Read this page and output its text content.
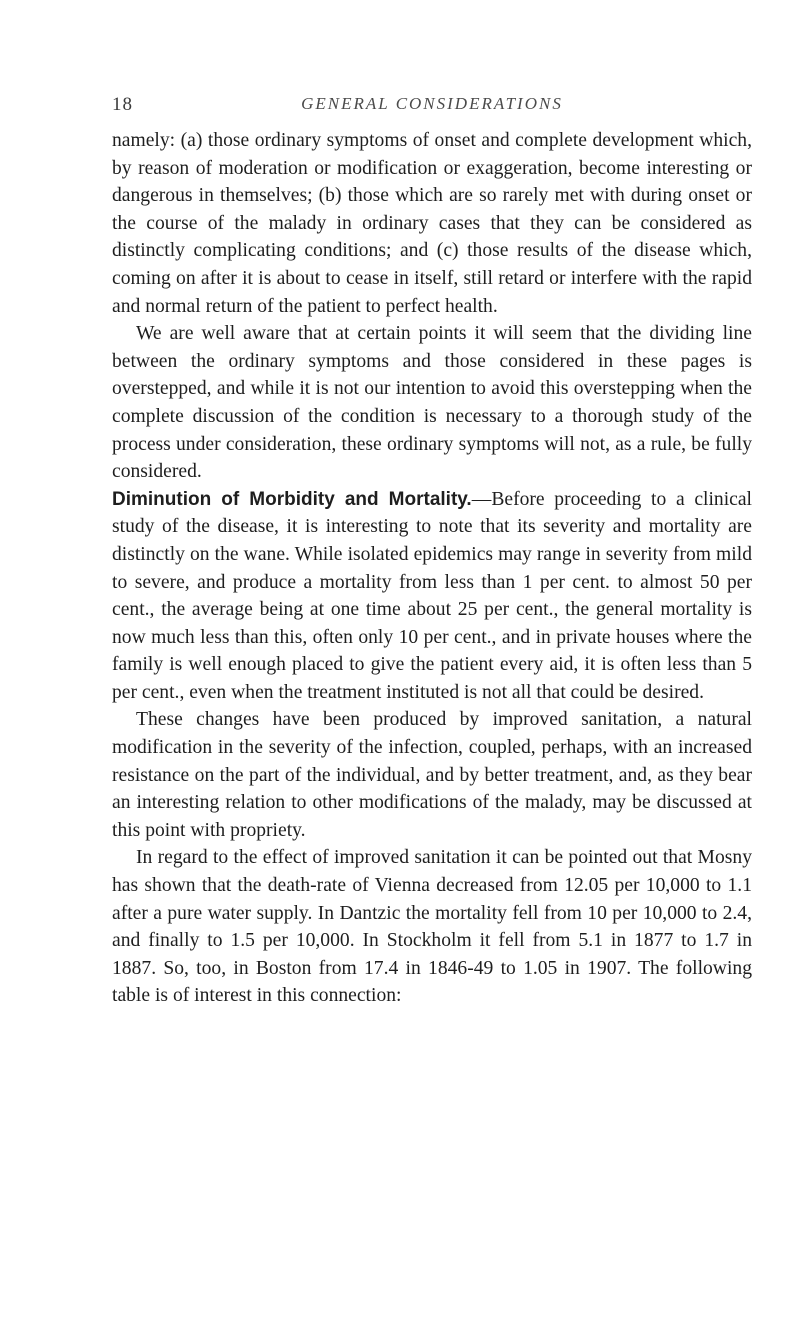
18	GENERAL CONSIDERATIONS

namely: (a) those ordinary symptoms of onset and complete development which, by reason of moderation or modification or exaggeration, become interesting or dangerous in themselves; (b) those which are so rarely met with during onset or the course of the malady in ordinary cases that they can be considered as distinctly complicating conditions; and (c) those results of the disease which, coming on after it is about to cease in itself, still retard or interfere with the rapid and normal return of the patient to perfect health.

We are well aware that at certain points it will seem that the dividing line between the ordinary symptoms and those considered in these pages is overstepped, and while it is not our intention to avoid this overstepping when the complete discussion of the condition is necessary to a thorough study of the process under consideration, these ordinary symptoms will not, as a rule, be fully considered.

Diminution of Morbidity and Mortality.—Before proceeding to a clinical study of the disease, it is interesting to note that its severity and mortality are distinctly on the wane. While isolated epidemics may range in severity from mild to severe, and produce a mortality from less than 1 per cent. to almost 50 per cent., the average being at one time about 25 per cent., the general mortality is now much less than this, often only 10 per cent., and in private houses where the family is well enough placed to give the patient every aid, it is often less than 5 per cent., even when the treatment instituted is not all that could be desired.

These changes have been produced by improved sanitation, a natural modification in the severity of the infection, coupled, perhaps, with an increased resistance on the part of the individual, and by better treatment, and, as they bear an interesting relation to other modifications of the malady, may be discussed at this point with propriety.

In regard to the effect of improved sanitation it can be pointed out that Mosny has shown that the death-rate of Vienna decreased from 12.05 per 10,000 to 1.1 after a pure water supply. In Dantzic the mortality fell from 10 per 10,000 to 2.4, and finally to 1.5 per 10,000. In Stockholm it fell from 5.1 in 1877 to 1.7 in 1887. So, too, in Boston from 17.4 in 1846-49 to 1.05 in 1907. The following table is of interest in this connection:
